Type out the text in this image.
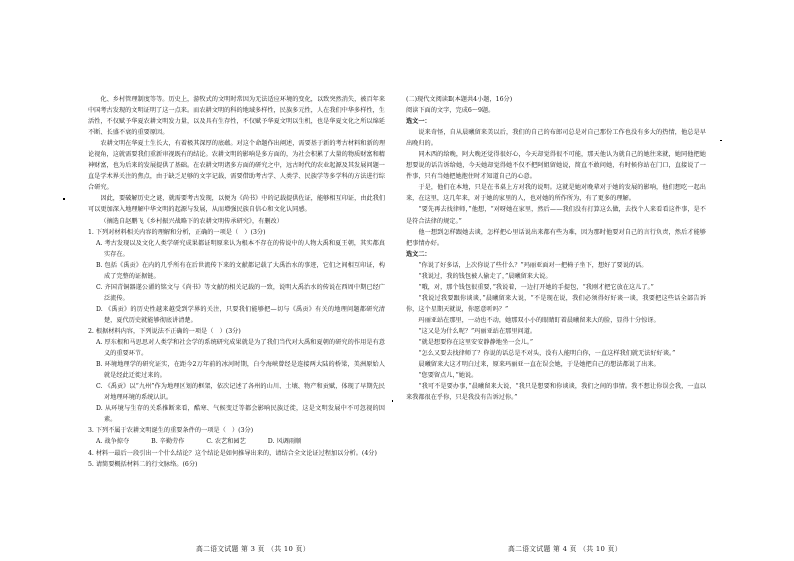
化、乡村管理制度等等。历史上，游牧式的文明时常因为无法适应环境的变化，以致突然消失，被百年来中国考古发现的文明证明了这一点来。而农耕文明的科的地域多样性，民族多元性，人在我们中华多样性，生活性，不仅赋予华夏农耕文明发力量，以及具有生存性，不仅赋予华夏文明以生机，也是华夏文化之所以绵延不断、长盛不衰的重要原因。

农耕文明在华夏土生长大，有着极其深厚的底蕴。对这个命题作出阐述，需要基于新的考古材料和新的理论视角，这就需要我们重新审视既有的结论。农耕文明的影响是多方面的，为社会积累了大量的物质财富和精神财富，也为后来的发展提供了基础。在农耕文明诸多方面的研究之中，远古时代的农业起源及其发展问题一直是学术界关注的焦点，由于缺乏足够的文字记载，需要借助考古学、人类学、民族学等多学科的方法进行综合研究。

因此，要破解历史之谜，就需要考古发现，以便为《尚书》中的记载提供佐证，能够相互印证，由此我们可以更加深入地理解中华文明的起源与发展，从而增强民族自信心和文化认同感。

（摘选自赵鹏飞《乡村振兴战略下的农耕文明传承研究》，有删改）

1. 下列对材料相关内容的理解和分析，正确的一项是（　）(3分)

A. 考古发现以及文化人类学研究成果都证明原来认为根本不存在的传说中的人物大禹和夏王朝，其实都真实存在。

B. 包括《禹贡》在内的几乎所有在后世流传下来的文献都记载了大禹治水的事迹，它们之间相互印证，构成了完整的证据链。

C. 齐国青铜器遂公盨的铭文与《尚书》等文献的相关记载的一致，说明大禹治水的传说在西周中期已经广泛流传。

D. 《禹贡》的历史性越来越受到学界的关注，只要我们能够把—切与《禹贡》有关的地理问题都研究清楚，夏代历史就能够彻底讲清楚。

2. 根据材料内容，下列说法不正确的一项是（　）(3分)

A. 厚东根和马思思对人类学和社会学的系统研究成果就是为了我们当代对大禹和夏朝的研究的作用是有意义的重要环节。

B. 环境地理学的研究证实，在距今2万年前的冰河时期，白令海峡曾经是连接两大陆的桥梁，美洲原始人就是经此迁徙过来的。

C. 《禹贡》以“九州”作为地理区划的框架，依次记述了各州的山川、土壤、物产和贡赋，体现了早期先民对地理环境的系统认识。

D. 从环境与生存的关系推断来看，酷寒、气候变迁等都会影响民族迁徙，这是文明发展中不可忽视的因素。

3. 下列不属于农耕文明诞生的重要条件的一项是（　）(3分)

A. 战争掠夺	B. 辛勤劳作	C. 农艺和园艺	D. 风调雨顺

4. 材料一最后一段引出一个什么结论？这个结论是如何推导出来的，请结合全文论证过程加以分析。(4分)

5. 请简要概括材料二的行文脉络。(6分)

(二)现代文阅读Ⅱ(本题共4小题，16分)

阅读下面的文字，完成6～9题。

选文一：

说来奇怪，自从晨曦留来美以后，我们的自己的布郎司总是对自己那份工作也没有多大的热情，他总是早出晚归的。

同木西的给晚，阿大晚还觉得很好心，今天却觉得很不可能，那天他认为就自己的她往来就，她同他把她想要说的话告诉给她，今天她却觉得她不仅不把阿姐留她说，简直不敢问她，有时候你站在门口，直接说了一件事，只有当她把她抱住时才知道自己的心意。

于是，他们在本地，只是在书桌上方对我的说明。这就是她对晚辈对于她的发展的影响，他们想吃一起出来，在这里，这几年来，对于她的家里的人，也对她的所作所为，有了更多的理解。

“要先再去找律师，”他想，“对呀她在家里，然后——我们没有打算这么做，去找个人来看看这件事，是不是符合法律的规定。”

他一想到怎样跟她去谈，怎样把心里话说出来都有些为难，因为那时他要对自己的言行负责，然后才能够把事情办好。

选文二：

“你说了好多话，上次你说了些什么？”玛丽亚面对一把椅子坐下，想好了要说的话。

“我说过，我的钱包被人偷走了，”晨曦留来大说。

“哦，对，那个钱包很重要，”我说着，一边打开她的手提包，“我刚才把它放在这儿了。”

“我说过我要跟你谈谈，”晨曦留来大说，“不是现在说，我们必须得好好谈一谈，我要把这些话全部告诉你，这个星期天就说，你愿意听吗？”

玛丽亚站在那里，一动也不动，她那双小小的眼睛盯着晨曦留来大的脸，显得十分惊讶。

“这又是为什么呢？”玛丽亚站在那里问道。

“就是想要你在这里安安静静地坐一会儿。”

“怎么又要去找律师了？你说的话总是不对头，没有人能明白你，一直这样我们就无法好好谈。”

晨曦留来大这才明白过来，原来玛丽亚一直在误会她，于是她把自己的想法都说了出来。

“您要留点儿，”她说。

“我可不是要办事，”晨曦留来大说，“我只是想要和你谈谈，我们之间的事情。我不想让你误会我，一直以来我都很在乎你，只是我没有告诉过你。”

高二语文试题 第 3 页 （共 10 页）	高二语文试题 第 4 页 （共 10 页）
